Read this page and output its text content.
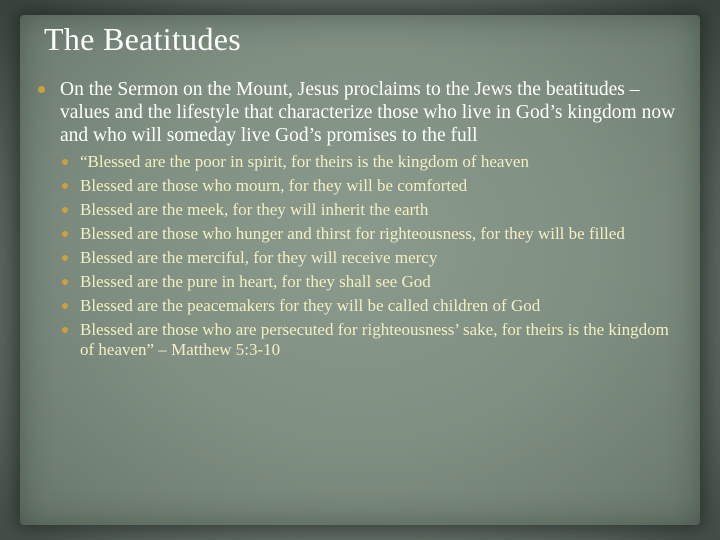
The Beatitudes
On the Sermon on the Mount, Jesus proclaims to the Jews the beatitudes – values and the lifestyle that characterize those who live in God’s kingdom now and who will someday live God’s promises to the full
“Blessed are the poor in spirit, for theirs is the kingdom of heaven
Blessed are those who mourn, for they will be comforted
Blessed are the meek, for they will inherit the earth
Blessed are those who hunger and thirst for righteousness, for they will be filled
Blessed are the merciful, for they will receive mercy
Blessed are the pure in heart, for they shall see God
Blessed are the peacemakers for they will be called children of God
Blessed are those who are persecuted for righteousness’ sake, for theirs is the kingdom of heaven” – Matthew 5:3-10
